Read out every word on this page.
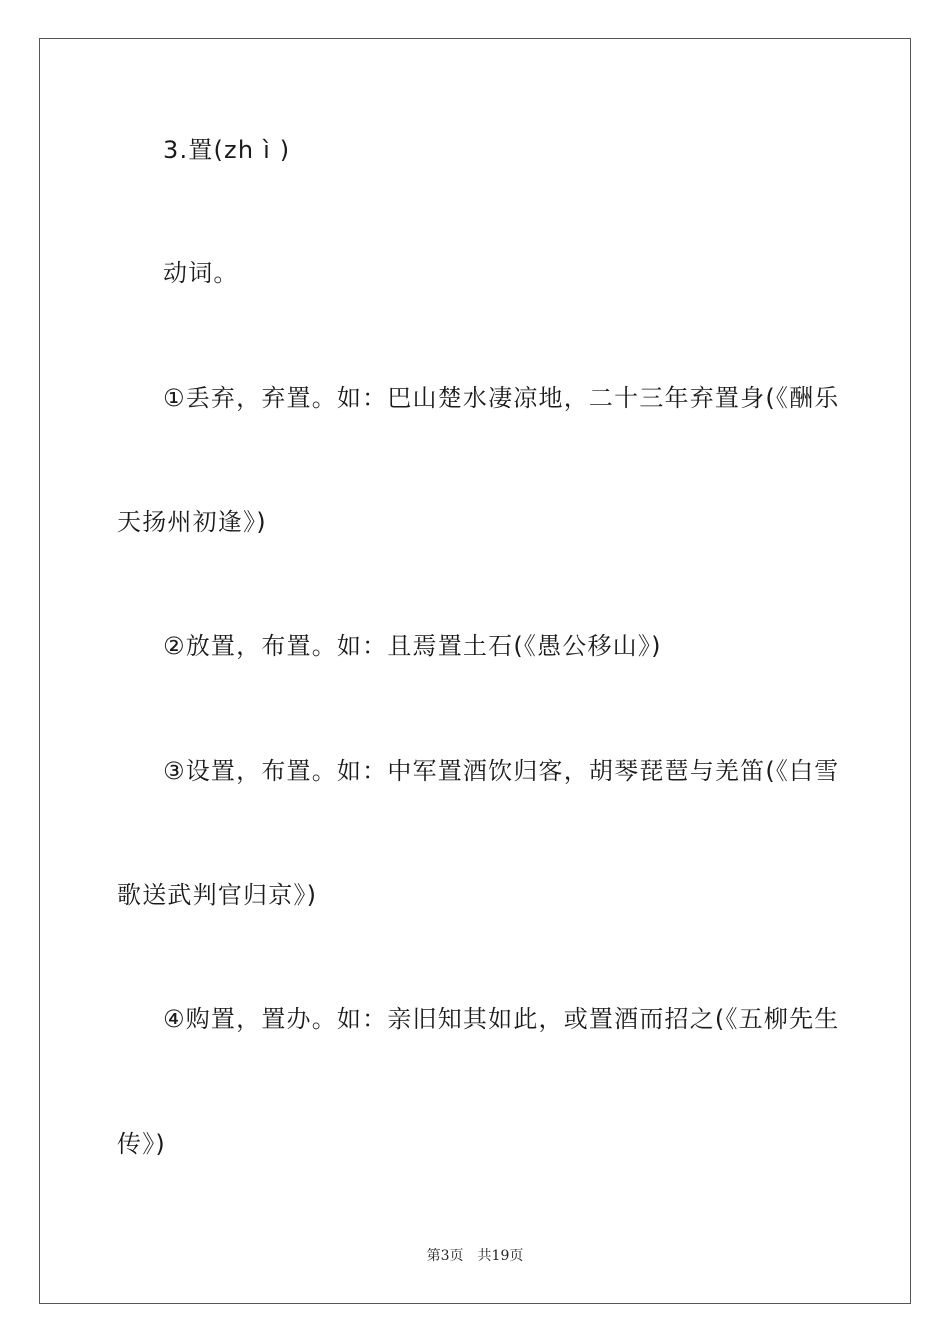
3.置(zh ì )
动词。
①丢弃，弃置。如：巴山楚水凄凉地，二十三年弃置身(《酬乐
天扬州初逢》)
②放置，布置。如：且焉置土石(《愚公移山》)
③设置，布置。如：中军置酒饮归客，胡琴琵琶与羌笛(《白雪
歌送武判官归京》)
④购置，置办。如：亲旧知其如此，或置酒而招之(《五柳先生
传》)
第3页 共19页
